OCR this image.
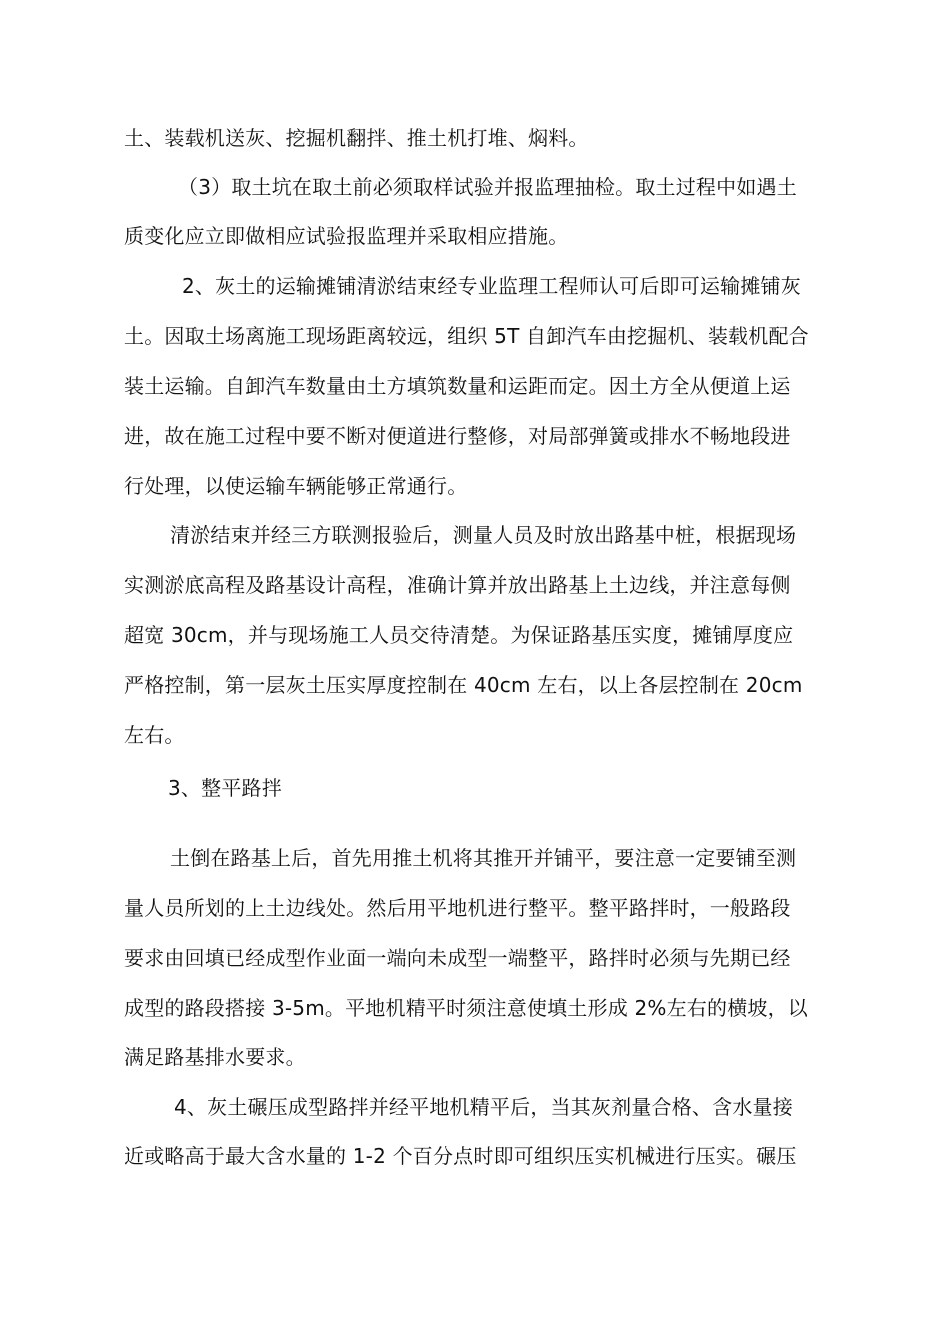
土、装载机送灰、挖掘机翻拌、推土机打堆、焖料。
（3）取土坑在取土前必须取样试验并报监理抽检。取土过程中如遇土
质变化应立即做相应试验报监理并采取相应措施。
2、灰土的运输摊铺清淤结束经专业监理工程师认可后即可运输摊铺灰
土。因取土场离施工现场距离较远，组织 5T 自卸汽车由挖掘机、装载机配合
装土运输。自卸汽车数量由土方填筑数量和运距而定。因土方全从便道上运
进，故在施工过程中要不断对便道进行整修，对局部弹簧或排水不畅地段进
行处理，以使运输车辆能够正常通行。
清淤结束并经三方联测报验后，测量人员及时放出路基中桩，根据现场
实测淤底高程及路基设计高程，准确计算并放出路基上土边线，并注意每侧
超宽 30cm，并与现场施工人员交待清楚。为保证路基压实度，摊铺厚度应
严格控制，第一层灰土压实厚度控制在 40cm 左右，以上各层控制在 20cm
左右。
3、整平路拌
土倒在路基上后，首先用推土机将其推开并铺平，要注意一定要铺至测
量人员所划的上土边线处。然后用平地机进行整平。整平路拌时，一般路段
要求由回填已经成型作业面一端向未成型一端整平，路拌时必须与先期已经
成型的路段搭接 3-5m。平地机精平时须注意使填土形成 2%左右的横坡，以
满足路基排水要求。
4、灰土碾压成型路拌并经平地机精平后，当其灰剂量合格、含水量接
近或略高于最大含水量的 1-2 个百分点时即可组织压实机械进行压实。碾压
